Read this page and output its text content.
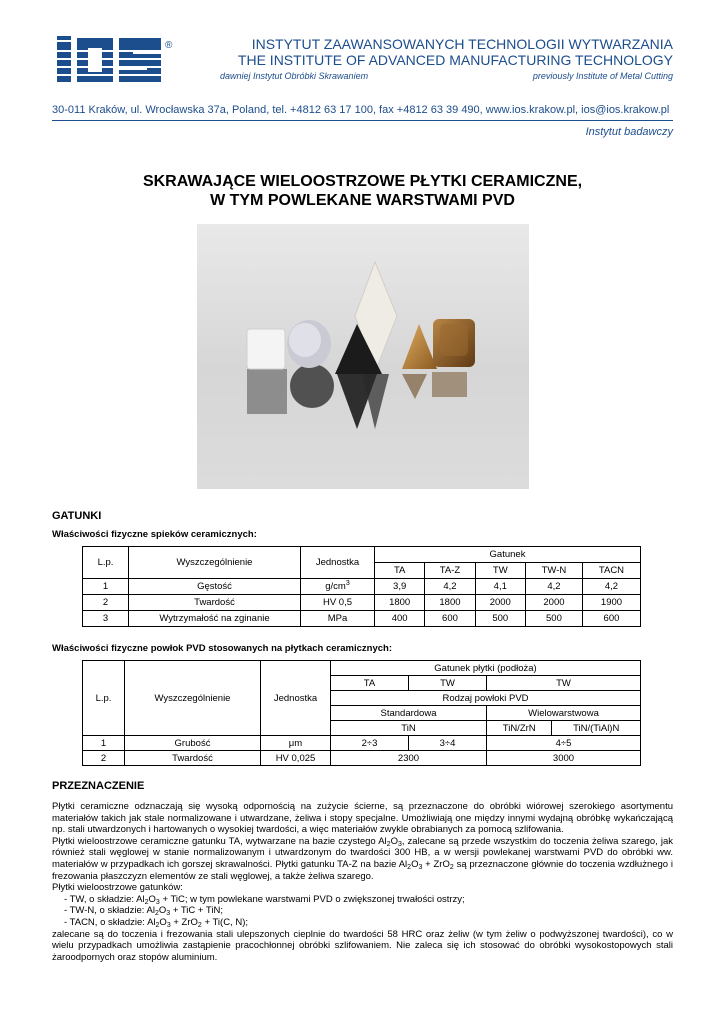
®	INSTYTUT ZAAWANSOWANYCH TECHNOLOGII WYTWARZANIA
THE INSTITUTE OF ADVANCED MANUFACTURING TECHNOLOGY
dawniej Instytut Obróbki Skrawaniem	previously Institute of Metal Cutting
30-011 Kraków, ul. Wrocławska 37a, Poland, tel. +4812 63 17 100, fax +4812 63 39 490, www.ios.krakow.pl, ios@ios.krakow.pl
Instytut badawczy
SKRAWAJĄCE WIELOOSTRZOWE PŁYTKI CERAMICZNE,
W TYM POWLEKANE WARSTWAMI PVD
GATUNKI
Właściwości fizyczne spieków ceramicznych:
L.p.	Wyszczególnienie	Jednostka	Gatunek				
			TA	TA-Z	TW	TW-N	TACN
1	Gęstość	$g/cm^3$	3,9	4,2	4,1	4,2	4,2
2	Twardość	HV 0,5	1800	1800	2000	2000	1900
3	Wytrzymałość na zginanie	MPa	400	600	500	500	600
Właściwości fizyczne powłok PVD stosowanych na płytkach ceramicznych:
L.p.	Wyszczególnienie	Jednostka	Gatunek płytki (podłoża)			
			TA	TW	TW	
			Rodzaj powłoki PVD			
			Standardowa		Wielowarstwowa	
			TiN		TiN/ZrN	TiN/(TiAl)N
1	Grubość	μm	2÷3	3÷4	4÷5	
2	Twardość	HV 0,025	2300		3000	
PRZEZNACZENIE

Płytki ceramiczne odznaczają się wysoką odpornością na zużycie ścierne, są przeznaczone do obróbki wiórowej szerokiego asortymentu materiałów takich jak stale normalizowane i utwardzane, żeliwa i stopy specjalne. Umożliwiają one między innymi wydajną obróbkę wykańczającą np. stali utwardzonych i hartowanych o wysokiej twardości, a więc materiałów zwykle obrabianych za pomocą szlifowania.

Płytki wieloostrzowe ceramiczne gatunku TA, wytwarzane na bazie czystego $Al_2O_3$, zalecane są przede wszystkim do toczenia żeliwa szarego, jak również stali węglowej w stanie normalizowanym i utwardzonym do twardości 300 HB, a w wersji powlekanej warstwami PVD do obróbki ww. materiałów w przypadkach ich gorszej skrawalności. Płytki gatunku TA-Z na bazie $Al_2O_3 + ZrO_2$ są przeznaczone głównie do toczenia wzdłużnego i frezowania płaszczyzn elementów ze stali węglowej, a także żeliwa szarego.

Płytki wieloostrzowe gatunków:

- TW, o składzie: $Al_2O_3$ + TiC; w tym powlekane warstwami PVD o zwiększonej trwałości ostrzy;

- TW-N, o składzie: $Al_2O_3$ + TiC + TiN;

- TACN, o składzie: $Al_2O_3 + ZrO_2 + Ti(C$, N);

zalecane są do toczenia i frezowania stali ulepszonych cieplnie do twardości 58 HRC oraz żeliw (w tym żeliw o podwyższonej twardości), co w wielu przypadkach umożliwia zastąpienie pracochłonnej obróbki szlifowaniem. Nie zaleca się ich stosować do obróbki wysokostopowych stali żaroodpornych oraz stopów aluminium.
